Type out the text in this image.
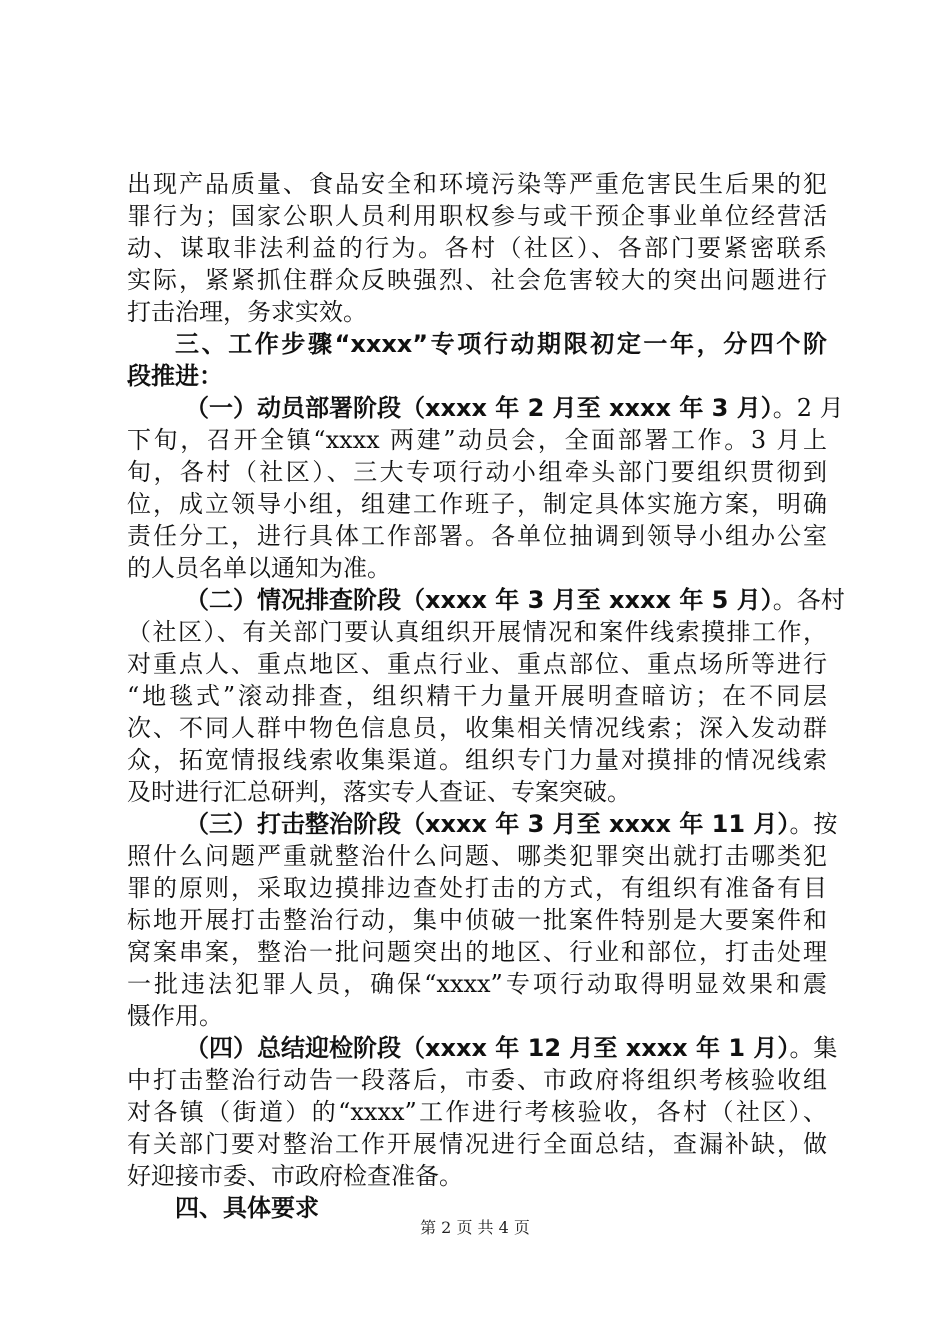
出现产品质量、食品安全和环境污染等严重危害民生后果的犯
罪行为；国家公职人员利用职权参与或干预企事业单位经营活
动、谋取非法利益的行为。各村（社区）、各部门要紧密联系
实际，紧紧抓住群众反映强烈、社会危害较大的突出问题进行
打击治理，务求实效。
三、工作步骤“xxxx”专项行动期限初定一年，分四个阶
段推进：
（一）动员部署阶段（xxxx 年 2 月至 xxxx 年 3 月）。2 月
下旬，召开全镇“xxxx 两建”动员会，全面部署工作。3 月上
旬，各村（社区）、三大专项行动小组牵头部门要组织贯彻到
位，成立领导小组，组建工作班子，制定具体实施方案，明确
责任分工，进行具体工作部署。各单位抽调到领导小组办公室
的人员名单以通知为准。
（二）情况排查阶段（xxxx 年 3 月至 xxxx 年 5 月）。各村
（社区）、有关部门要认真组织开展情况和案件线索摸排工作，
对重点人、重点地区、重点行业、重点部位、重点场所等进行
“地毯式”滚动排查，组织精干力量开展明查暗访；在不同层
次、不同人群中物色信息员，收集相关情况线索；深入发动群
众，拓宽情报线索收集渠道。组织专门力量对摸排的情况线索
及时进行汇总研判，落实专人查证、专案突破。
（三）打击整治阶段（xxxx 年 3 月至 xxxx 年 11 月）。按
照什么问题严重就整治什么问题、哪类犯罪突出就打击哪类犯
罪的原则，采取边摸排边查处打击的方式，有组织有准备有目
标地开展打击整治行动，集中侦破一批案件特别是大要案件和
窝案串案，整治一批问题突出的地区、行业和部位，打击处理
一批违法犯罪人员，确保“xxxx”专项行动取得明显效果和震
慑作用。
（四）总结迎检阶段（xxxx 年 12 月至 xxxx 年 1 月）。集
中打击整治行动告一段落后，市委、市政府将组织考核验收组
对各镇（街道）的“xxxx”工作进行考核验收，各村（社区）、
有关部门要对整治工作开展情况进行全面总结，查漏补缺，做
好迎接市委、市政府检查准备。
四、具体要求
第 2 页 共 4 页
